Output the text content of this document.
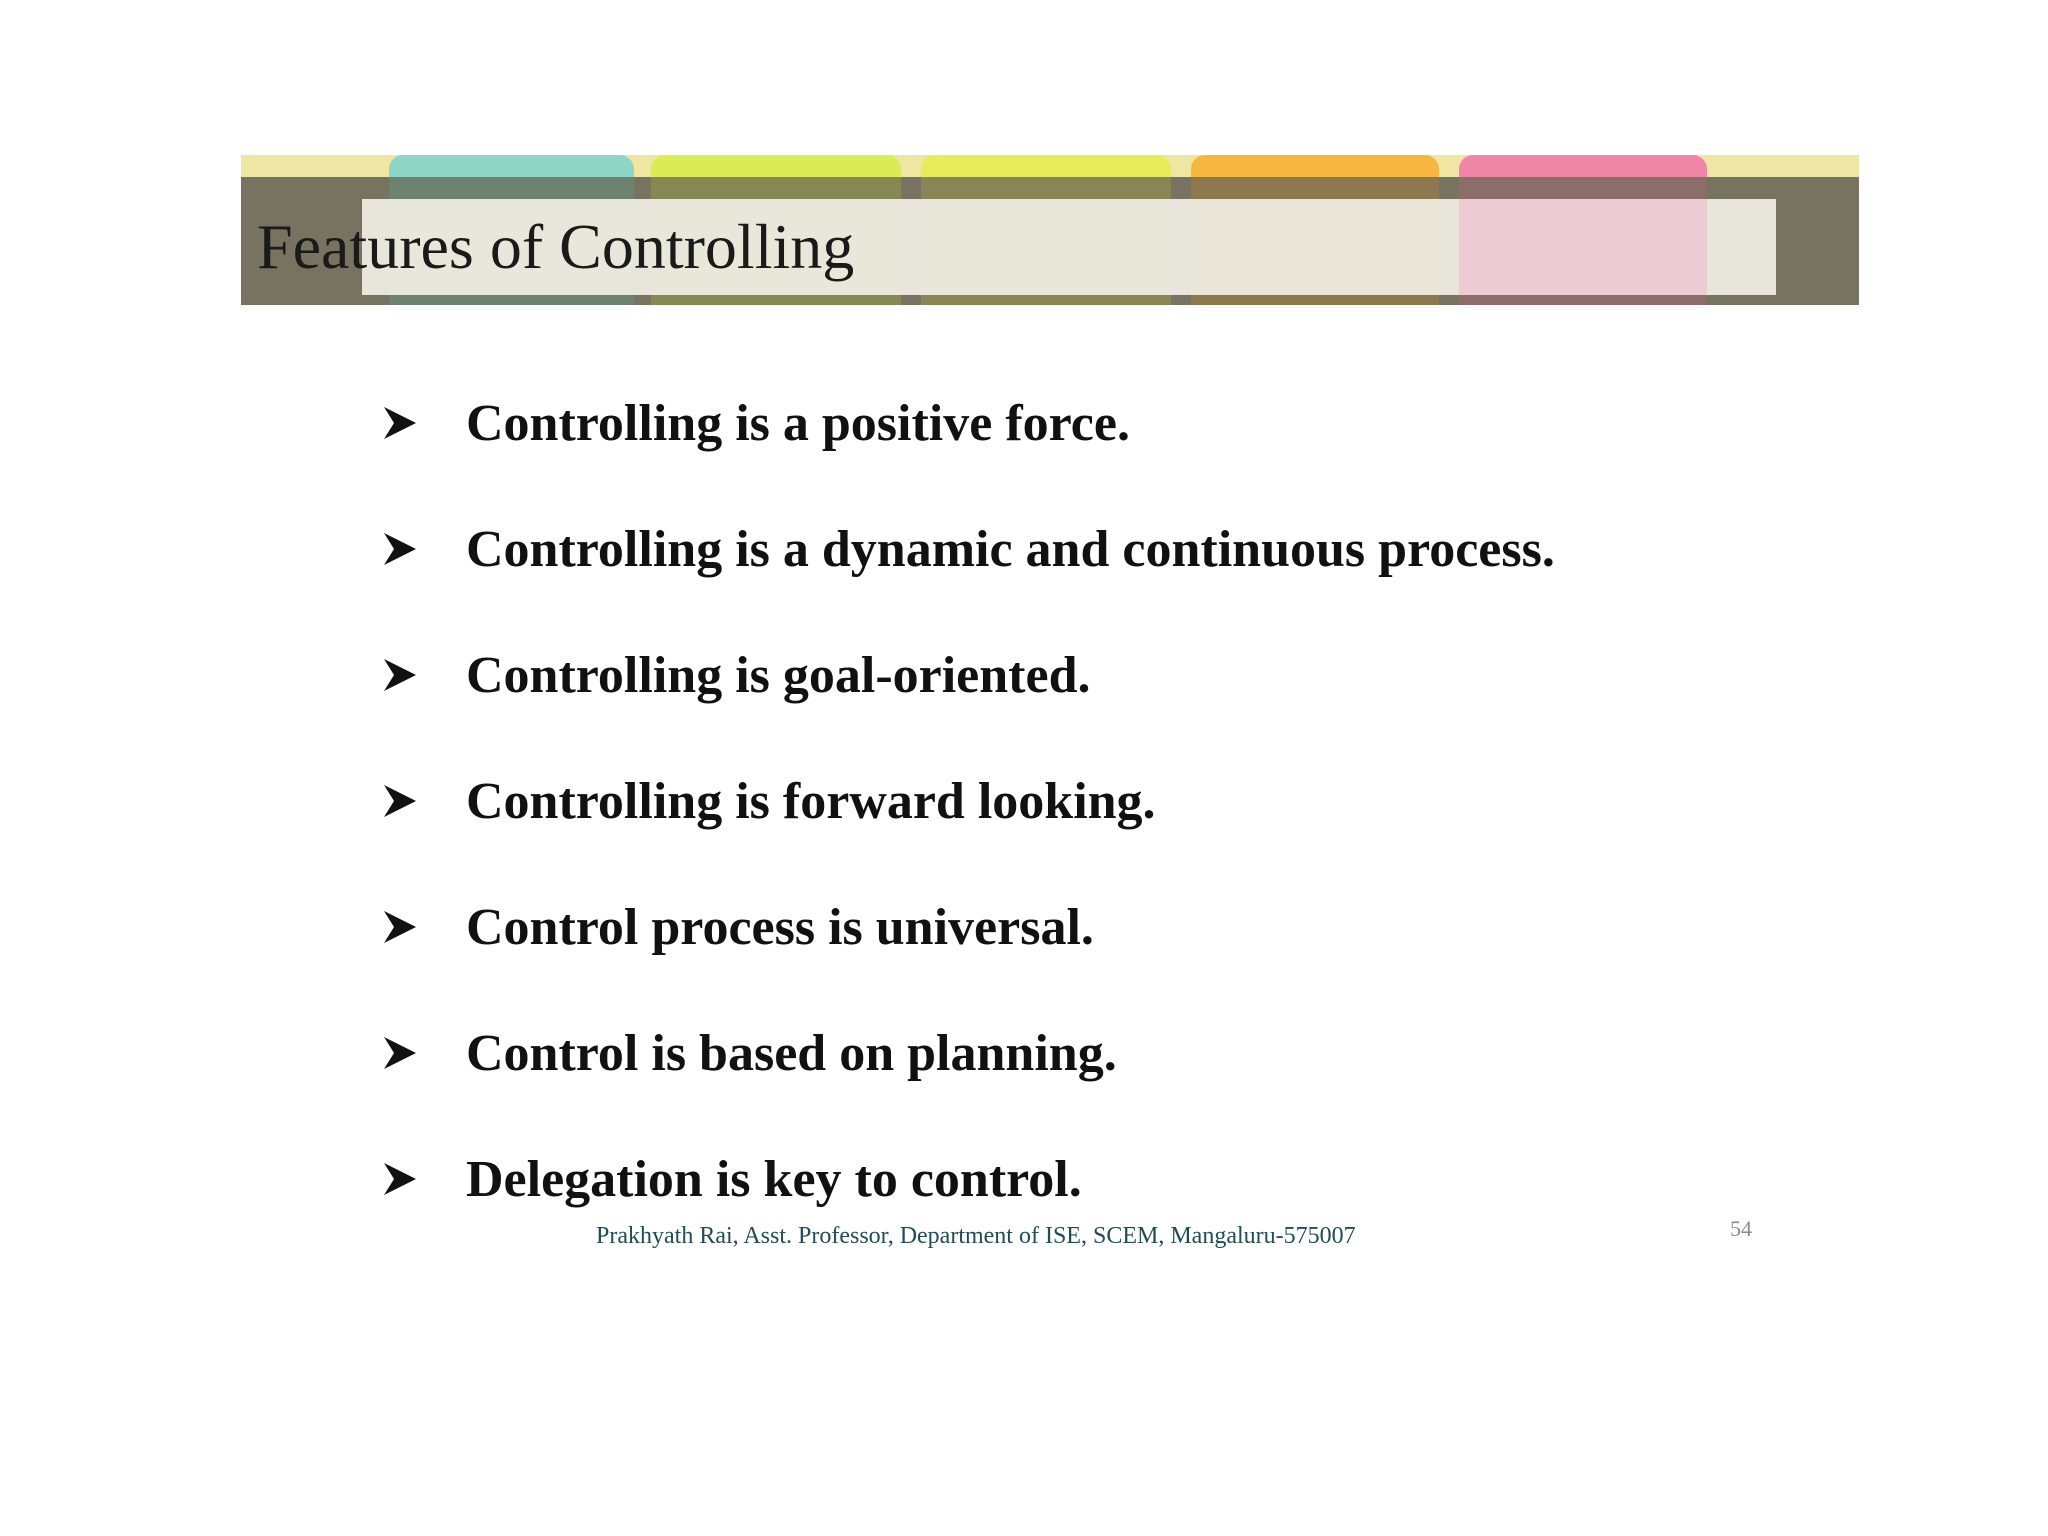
Features of Controlling
Controlling is a positive force.
Controlling is a dynamic and continuous process.
Controlling is goal-oriented.
Controlling is forward looking.
Control process is universal.
Control is based on planning.
Delegation is key to control.
Prakhyath Rai, Asst. Professor, Department of ISE, SCEM, Mangaluru-575007	54
